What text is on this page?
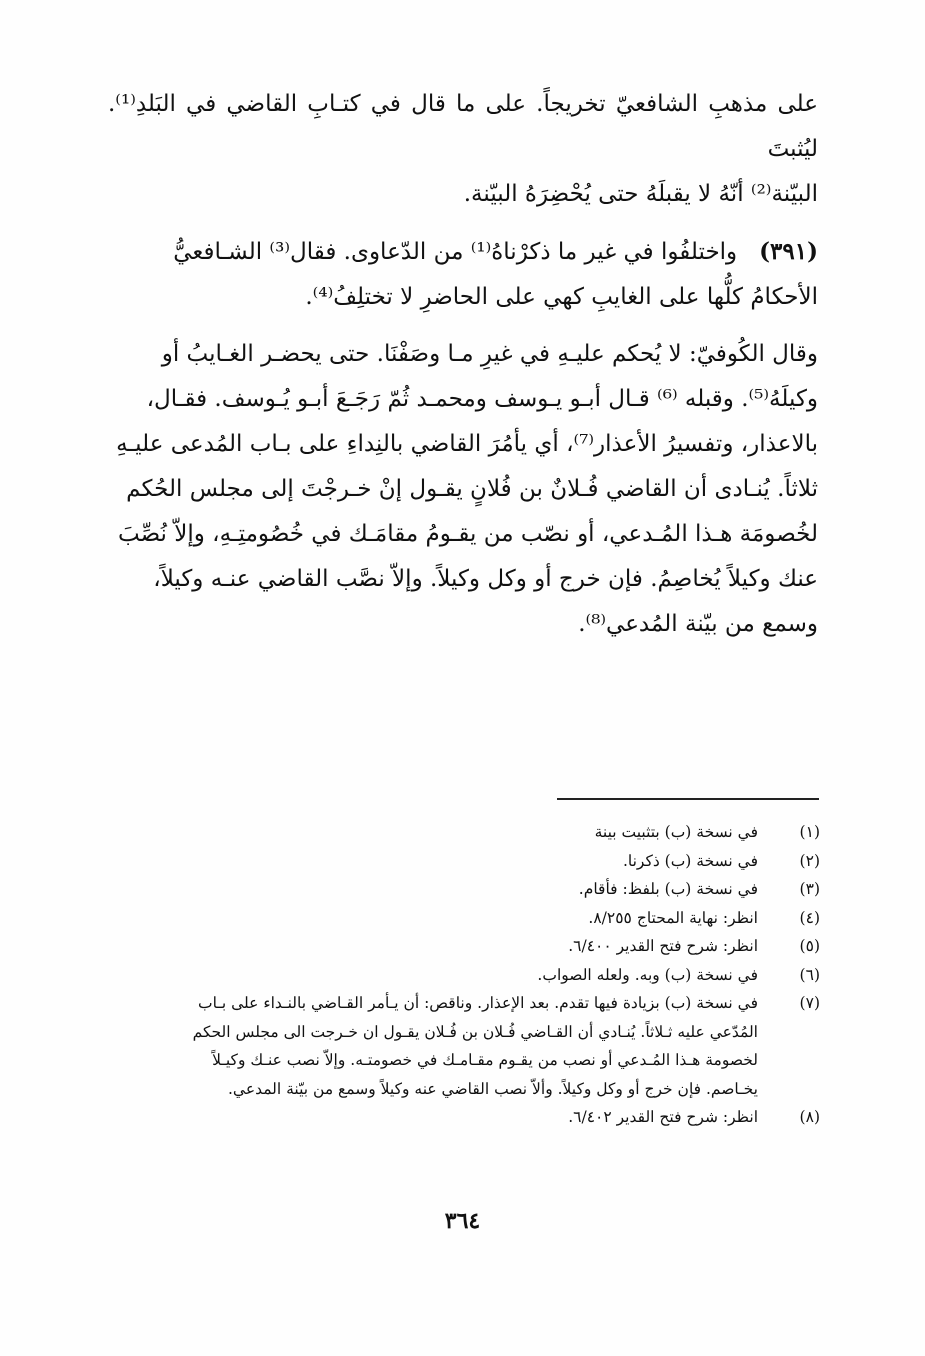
على مذهبِ الشافعيّ تخريجاً. على ما قال في كتـابِ القاضي في البَلدِ⁽¹⁾. ليُثبتَ

البيّنة⁽²⁾ أنّهُ لا يقبلَهُ حتى يُحْضِرَهُ البيّنة.

(٣٩١)واختلفُوا في غير ما ذكرْناهُ⁽¹⁾ من الدّعاوى. فقال⁽³⁾ الشـافعيُّ

الأحكامُ كلُّها على الغايبِ كهي على الحاضرِ لا تختلِفُ⁽⁴⁾.

وقال الكُوفيّ: لا يُحكم عليـهِ في غيرِ مـا وصَفْنَا. حتى يحضـر الغـايبُ أو

وكيلَهُ⁽⁵⁾. وقبله ⁽⁶⁾ قـال أبـو يـوسف ومحمـد ثُمّ رَجَـعَ أبـو يُـوسف. فقـال،

بالاعذار، وتفسيرُ الأعذار⁽⁷⁾، أي يأمُرَ القاضي بالنِداءِ على بـاب المُدعى عليـهِ

ثلاثاً. يُنـادى أن القاضي فُـلانٌ بن فُلانٍ يقـول إنْ خـرجْتَ إلى مجلس الحُكم

لخُصومَة هـذا المُـدعي، أو نصّب من يقـومُ مقامَـك في خُصُومتِـهِ، وإلاّ نُصِّبَ

عنك وكيلاً يُخاصِمُ. فإن خرج أو وكل وكيلاً. وإلاّ نصَّب القاضي عنـه وكيلاً،

وسمع من بيّنة المُدعي⁽⁸⁾.

(١)
في نسخة (ب) بتثبيت بينة
(٢)
في نسخة (ب) ذكرنا.
(٣)
في نسخة (ب) بلفظ: فأقام.
(٤)
انظر: نهاية المحتاج ٨/٢٥٥.
(٥)
انظر: شرح فتح القدير ٦/٤٠٠.
(٦)
في نسخة (ب) وبه. ولعله الصواب.
(٧)
في نسخة (ب) بزيادة فيها تقدم. بعد الإعذار. وناقص: أن يـأمر القـاضي بالنـداء على بـاب
المُدّعي عليه ثـلاثاً. يُنـادي أن القـاضي فُـلان بن فُـلان يقـول ان خـرجت الى مجلس الحكم
لخصومة هـذا المُـدعي أو نصب من يقـوم مقـامـك في خصومتـه. وإلاّ نصب عنـك وكيـلاً
يخـاصم. فإن خرج أو وكل وكيلاً. وألاّ نصب القاضي عنه وكيلاً وسمع من بيّنة المدعي.
(٨)
انظر: شرح فتح القدير ٦/٤٠٢.
٣٦٤
